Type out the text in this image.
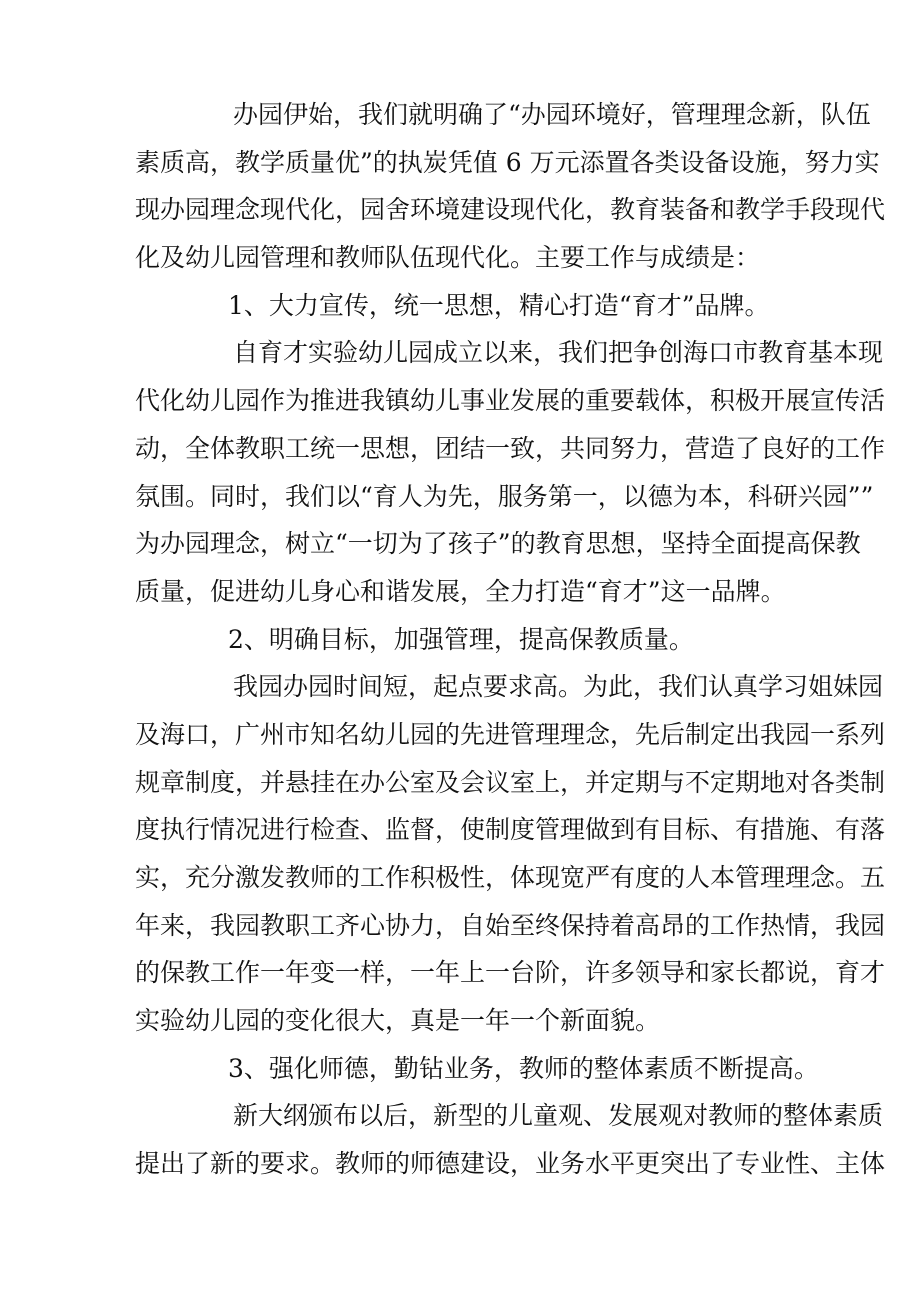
办园伊始，我们就明确了“办园环境好，管理理念新，队伍
素质高，教学质量优”的执炭凭值 6 万元添置各类设备设施，努力实
现办园理念现代化，园舍环境建设现代化，教育装备和教学手段现代
化及幼儿园管理和教师队伍现代化。主要工作与成绩是：
1、大力宣传，统一思想，精心打造“育才”品牌。
自育才实验幼儿园成立以来，我们把争创海口市教育基本现
代化幼儿园作为推进我镇幼儿事业发展的重要载体，积极开展宣传活
动，全体教职工统一思想，团结一致，共同努力，营造了良好的工作
氛围。同时，我们以“育人为先，服务第一，以德为本，科研兴园””
为办园理念，树立“一切为了孩子”的教育思想，坚持全面提高保教
质量，促进幼儿身心和谐发展，全力打造“育才”这一品牌。
2、明确目标，加强管理，提高保教质量。
我园办园时间短，起点要求高。为此，我们认真学习姐妹园
及海口，广州市知名幼儿园的先进管理理念，先后制定出我园一系列
规章制度，并悬挂在办公室及会议室上，并定期与不定期地对各类制
度执行情况进行检查、监督，使制度管理做到有目标、有措施、有落
实，充分激发教师的工作积极性，体现宽严有度的人本管理理念。五
年来，我园教职工齐心协力，自始至终保持着高昂的工作热情，我园
的保教工作一年变一样，一年上一台阶，许多领导和家长都说，育才
实验幼儿园的变化很大，真是一年一个新面貌。
3、强化师德，勤钻业务，教师的整体素质不断提高。
新大纲颁布以后，新型的儿童观、发展观对教师的整体素质
提出了新的要求。教师的师德建设，业务水平更突出了专业性、主体
